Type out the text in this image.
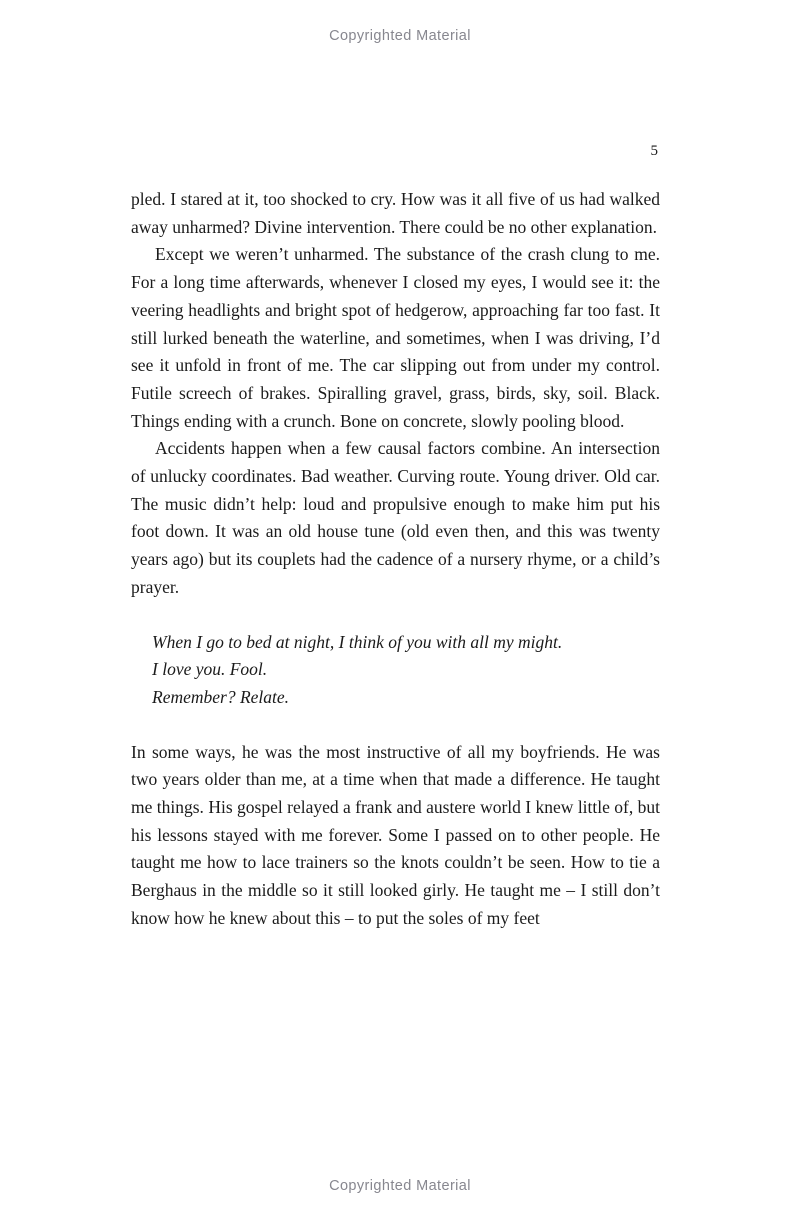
Copyrighted Material
5

pled. I stared at it, too shocked to cry. How was it all five of us had walked away unharmed? Divine intervention. There could be no other explanation.

Except we weren’t unharmed. The substance of the crash clung to me. For a long time afterwards, whenever I closed my eyes, I would see it: the veering headlights and bright spot of hedgerow, approaching far too fast. It still lurked beneath the waterline, and sometimes, when I was driving, I’d see it unfold in front of me. The car slipping out from under my control. Futile screech of brakes. Spiralling gravel, grass, birds, sky, soil. Black. Things ending with a crunch. Bone on concrete, slowly pooling blood.

Accidents happen when a few causal factors combine. An intersection of unlucky coordinates. Bad weather. Curving route. Young driver. Old car. The music didn’t help: loud and propulsive enough to make him put his foot down. It was an old house tune (old even then, and this was twenty years ago) but its couplets had the cadence of a nursery rhyme, or a child’s prayer.

When I go to bed at night, I think of you with all my might.

I love you. Fool.

Remember? Relate.

In some ways, he was the most instructive of all my boyfriends. He was two years older than me, at a time when that made a difference. He taught me things. His gospel relayed a frank and austere world I knew little of, but his lessons stayed with me forever. Some I passed on to other people. He taught me how to lace trainers so the knots couldn’t be seen. How to tie a Berghaus in the middle so it still looked girly. He taught me – I still don’t know how he knew about this – to put the soles of my feet

Copyrighted Material
